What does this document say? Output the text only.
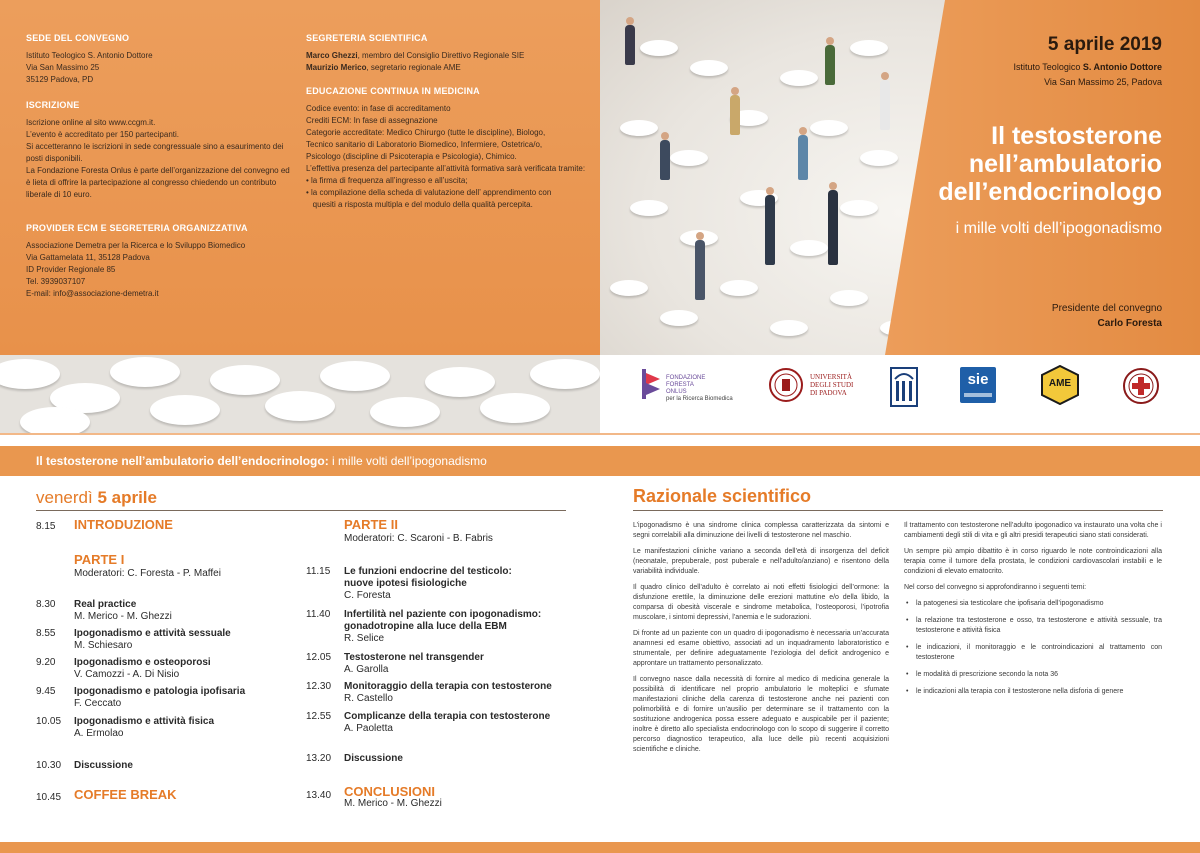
SEDE DEL CONVEGNO

Istituto Teologico S. Antonio Dottore

Via San Massimo 25

35129 Padova, PD

ISCRIZIONE

Iscrizione online al sito www.ccgm.it.

L’evento è accreditato per 150 partecipanti.

Si accetteranno le iscrizioni in sede congressuale sino a esaurimento dei

posti disponibili.

La Fondazione Foresta Onlus è parte dell’organizzazione del convegno ed

è lieta di offrire la partecipazione al congresso chiedendo un contributo

liberale di 10 euro.

PROVIDER ECM E SEGRETERIA ORGANIZZATIVA

Associazione Demetra per la Ricerca e lo Sviluppo Biomedico

Via Gattamelata 11, 35128 Padova

ID Provider Regionale 85

Tel. 3939037107

E-mail: info@associazione-demetra.it

SEGRETERIA SCIENTIFICA

Marco Ghezzi, membro del Consiglio Direttivo Regionale SIE

Maurizio Merico, segretario regionale AME

EDUCAZIONE CONTINUA IN MEDICINA

Codice evento: in fase di accreditamento

Crediti ECM: In fase di assegnazione

Categorie accreditate: Medico Chirurgo (tutte le discipline), Biologo,

Tecnico sanitario di Laboratorio Biomedico, Infermiere, Ostetrica/o,

Psicologo (discipline di Psicoterapia e Psicologia), Chimico.

L’effettiva presenza del partecipante all’attività formativa sarà verificata tramite:

• la firma di frequenza all’ingresso e all’uscita;

• la compilazione della scheda di valutazione dell’ apprendimento con

quesiti a risposta multipla e del modulo della qualità percepita.

5 aprile 2019
Istituto Teologico S. Antonio Dottore
Via San Massimo 25, Padova
Il testosterone
nell’ambulatorio
dell’endocrinologo
i mille volti dell’ipogonadismo
Presidente del convegno
Carlo Foresta
FONDAZIONE
FORESTA
ONLUS
per la Ricerca Biomedica
UNIVERSITÀ
DEGLI STUDI
DI PADOVA
sie	AME
Il testosterone nell’ambulatorio dell’endocrinologo: i mille volti dell’ipogonadismo
venerdì 5 aprile
8.15 INTRODUZIONE
PARTE I
Moderatori: C. Foresta - P. Maffei
8.30 Real practice
M. Merico - M. Ghezzi
8.55 Ipogonadismo e attività sessuale
M. Schiesaro
9.20 Ipogonadismo e osteoporosi
V. Camozzi - A. Di Nisio
9.45 Ipogonadismo e patologia ipofisaria
F. Ceccato
10.05 Ipogonadismo e attività fisica
A. Ermolao
10.30 Discussione
10.45 COFFEE BREAK
PARTE II
Moderatori: C. Scaroni - B. Fabris
11.15 Le funzioni endocrine del testicolo:
nuove ipotesi fisiologiche
C. Foresta
11.40 Infertilità nel paziente con ipogonadismo:
gonadotropine alla luce della EBM
R. Selice
12.05 Testosterone nel transgender
A. Garolla
12.30 Monitoraggio della terapia con testosterone
R. Castello
12.55 Complicanze della terapia con testosterone
A. Paoletta
13.20 Discussione
13.40 CONCLUSIONI
M. Merico - M. Ghezzi
Razionale scientifico

L’ipogonadismo è una sindrome clinica complessa caratterizzata da sintomi e segni correlabili alla diminuzione dei livelli di testosterone nel maschio.

Le manifestazioni cliniche variano a seconda dell’età di insorgenza del deficit (neonatale, prepuberale, post puberale e nell’adulto/anziano) e risentono della variabilità individuale.

Il quadro clinico dell’adulto è correlato ai noti effetti fisiologici dell’ormone: la disfunzione erettile, la diminuzione delle erezioni mattutine e/o della libido, la comparsa di obesità viscerale e sindrome metabolica, l’osteoporosi, l’ipotrofia muscolare, i sintomi depressivi, l’anemia e le sudorazioni.

Di fronte ad un paziente con un quadro di ipogonadismo è necessaria un’accurata anamnesi ed esame obiettivo, associati ad un inquadramento laboratoristico e strumentale, per definire adeguatamente l’eziologia del deficit androgenico e approntare un trattamento personalizzato.

Il convegno nasce dalla necessità di fornire al medico di medicina generale la possibilità di identificare nel proprio ambulatorio le molteplici e sfumate manifestazioni cliniche della carenza di testosterone anche nei pazienti con polimorbilità e di fornire un’ausilio per determinare se il trattamento con la sostituzione androgenica possa essere adeguato e auspicabile per il paziente; inoltre è diretto allo specialista endocrinologo con lo scopo di suggerire il corretto percorso diagnostico terapeutico, alla luce delle più recenti acquisizioni scientifiche e cliniche.

Il trattamento con testosterone nell’adulto ipogonadico va instaurato una volta che i cambiamenti degli stili di vita e gli altri presidi terapeutici siano stati considerati.

Un sempre più ampio dibattito è in corso riguardo le note controindicazioni alla terapia come il tumore della prostata, le condizioni cardiovascolari instabili e le condizioni di elevato ematocrito.

Nel corso del convegno si approfondiranno i seguenti temi:

• la patogenesi sia testicolare che ipofisaria dell’ipogonadismo
• la relazione tra testosterone e osso, tra testosterone e attività sessuale, tra testosterone e attività fisica
• le indicazioni, il monitoraggio e le controindicazioni al trattamento con testosterone
• le modalità di prescrizione secondo la nota 36
• le indicazioni alla terapia con il testosterone nella disforia di genere
